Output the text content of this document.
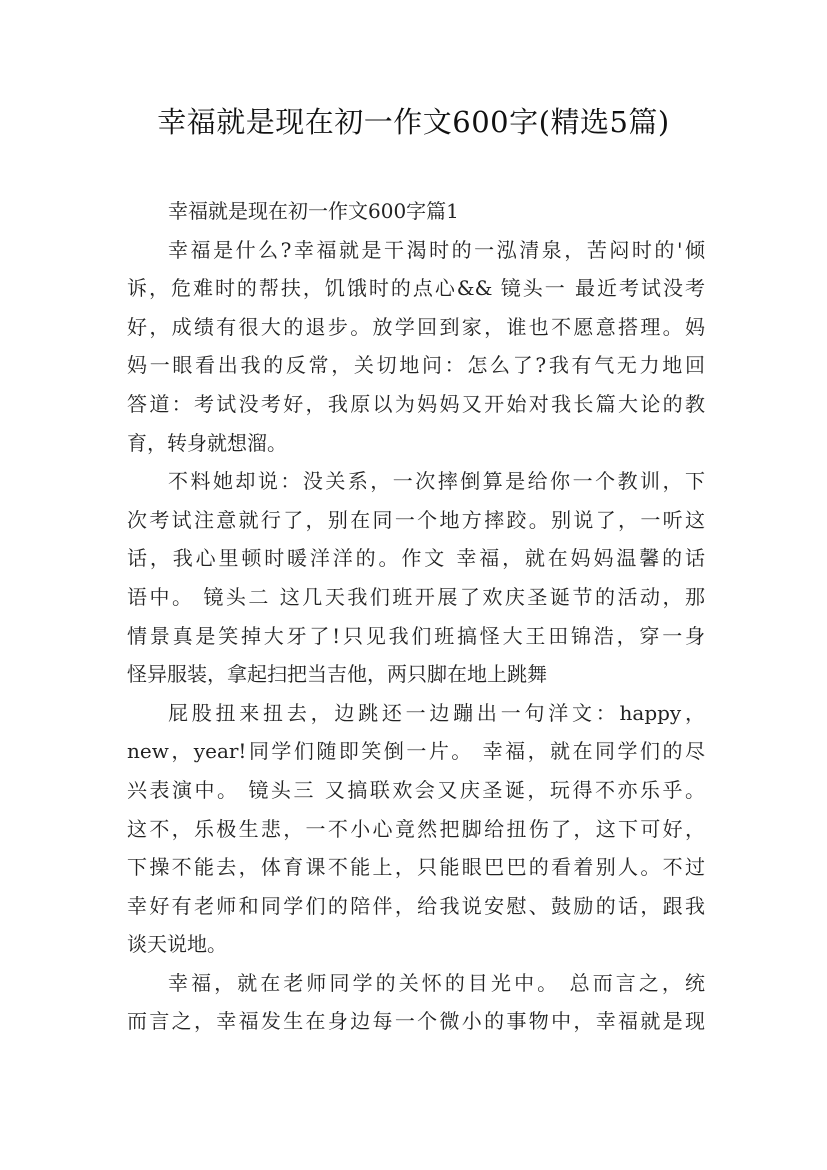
幸福就是现在初一作文600字(精选5篇)
幸福就是现在初一作文600字篇1
幸福是什么?幸福就是干渴时的一泓清泉，苦闷时的'倾
诉，危难时的帮扶，饥饿时的点心&& 镜头一 最近考试没考
好，成绩有很大的退步。放学回到家，谁也不愿意搭理。妈
妈一眼看出我的反常，关切地问：怎么了?我有气无力地回
答道：考试没考好，我原以为妈妈又开始对我长篇大论的教
育，转身就想溜。
不料她却说：没关系，一次摔倒算是给你一个教训，下
次考试注意就行了，别在同一个地方摔跤。别说了，一听这
话，我心里顿时暖洋洋的。作文 幸福，就在妈妈温馨的话
语中。 镜头二 这几天我们班开展了欢庆圣诞节的活动，那
情景真是笑掉大牙了!只见我们班搞怪大王田锦浩，穿一身
怪异服装，拿起扫把当吉他，两只脚在地上跳舞
屁股扭来扭去，边跳还一边蹦出一句洋文：happy，
new，year!同学们随即笑倒一片。 幸福，就在同学们的尽
兴表演中。 镜头三 又搞联欢会又庆圣诞，玩得不亦乐乎。
这不，乐极生悲，一不小心竟然把脚给扭伤了，这下可好，
下操不能去，体育课不能上，只能眼巴巴的看着别人。不过
幸好有老师和同学们的陪伴，给我说安慰、鼓励的话，跟我
谈天说地。
幸福，就在老师同学的关怀的目光中。 总而言之，统
而言之，幸福发生在身边每一个微小的事物中，幸福就是现
